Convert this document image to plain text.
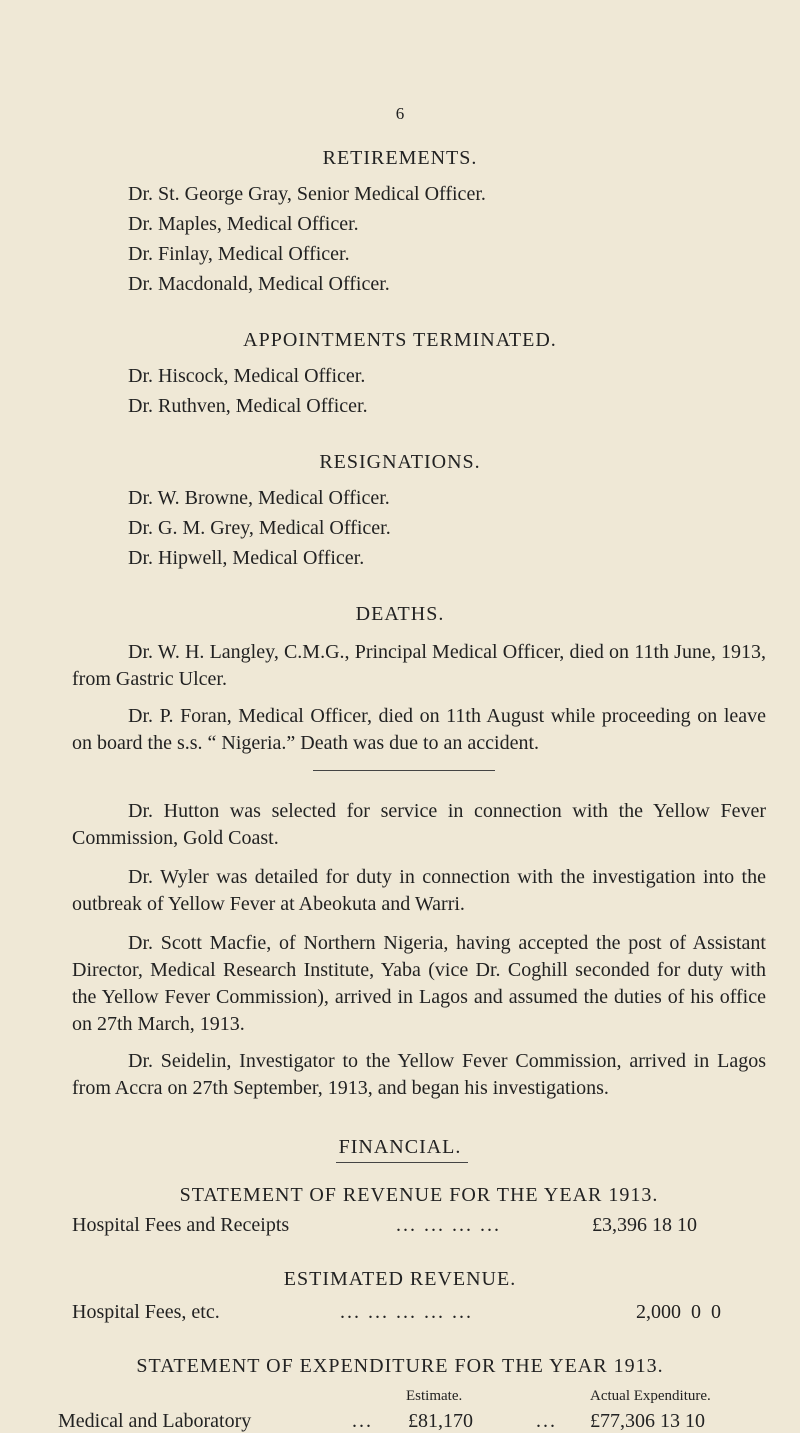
6
RETIREMENTS.
Dr. St. George Gray, Senior Medical Officer.
Dr. Maples, Medical Officer.
Dr. Finlay, Medical Officer.
Dr. Macdonald, Medical Officer.
APPOINTMENTS TERMINATED.
Dr. Hiscock, Medical Officer.
Dr. Ruthven, Medical Officer.
RESIGNATIONS.
Dr. W. Browne, Medical Officer.
Dr. G. M. Grey, Medical Officer.
Dr. Hipwell, Medical Officer.
DEATHS.
Dr. W. H. Langley, C.M.G., Principal Medical Officer, died on 11th June, 1913, from Gastric Ulcer.
Dr. P. Foran, Medical Officer, died on 11th August while proceeding on leave on board the s.s. “ Nigeria.” Death was due to an accident.
Dr. Hutton was selected for service in connection with the Yellow Fever Commission, Gold Coast.
Dr. Wyler was detailed for duty in connection with the investigation into the outbreak of Yellow Fever at Abeokuta and Warri.
Dr. Scott Macfie, of Northern Nigeria, having accepted the post of Assistant Director, Medical Research Institute, Yaba (vice Dr. Coghill seconded for duty with the Yellow Fever Commission), arrived in Lagos and assumed the duties of his office on 27th March, 1913.
Dr. Seidelin, Investigator to the Yellow Fever Commission, arrived in Lagos from Accra on 27th September, 1913, and began his investigations.
FINANCIAL.
STATEMENT OF REVENUE FOR THE YEAR 1913.
Hospital Fees and Receipts	... ... ... ...	£3,396 18 10
ESTIMATED REVENUE.
Hospital Fees, etc.	... ... ... ... ...	2,000  0  0
STATEMENT OF EXPENDITURE FOR THE YEAR 1913.
Estimate.	Actual Expenditure.
Medical and Laboratory	... £81,170	... £77,306 13 10
